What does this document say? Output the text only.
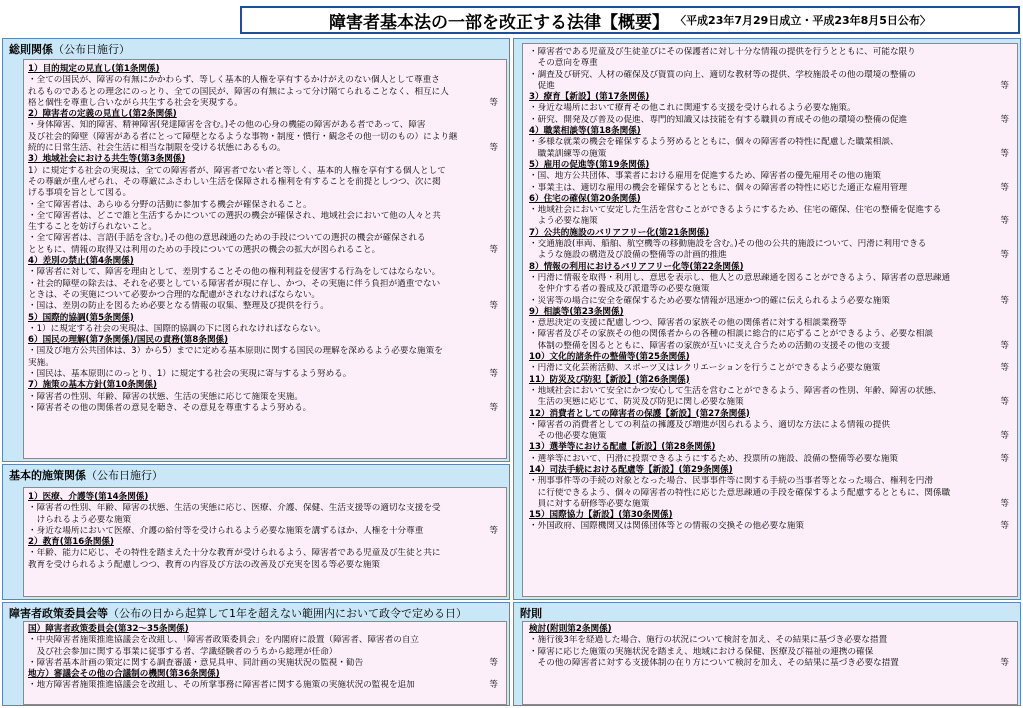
障害者基本法の一部を改正する法律【概要】 〈平成23年7月29日成立・平成23年8月5日公布〉
総則関係（公布日施行）
1）目的規定の見直し(第1条関係)
・全ての国民が、障害の有無にかかわらず、等しく基本的人権を享有するかけがえのない個人として尊重さ
れるものであるとの理念にのっとり、全ての国民が、障害の有無によって分け隔てられることなく、相互に人
格と個性を尊重し合いながら共生する社会を実現する。	等
2）障害者の定義の見直し(第2条関係)
・身体障害、知的障害、精神障害(発達障害を含む。)その他の心身の機能の障害がある者であって、障害
及び社会的障壁（障害がある者にとって障壁となるような事物・制度・慣行・観念その他一切のもの）により継
続的に日常生活、社会生活に相当な制限を受ける状態にあるもの。	等
3）地域社会における共生等(第3条関係)
1）に規定する社会の実現は、全ての障害者が、障害者でない者と等しく、基本的人権を享有する個人として
その尊厳が重んぜられ、その尊厳にふさわしい生活を保障される権利を有することを前提としつつ、次に掲
げる事項を旨として図る。
・全て障害者は、あらゆる分野の活動に参加する機会が確保されること。
・全て障害者は、どこで誰と生活するかについての選択の機会が確保され、地域社会において他の人々と共
生することを妨げられないこと。
・全て障害者は、言語(手話を含む。)その他の意思疎通のための手段についての選択の機会が確保される
とともに、情報の取得又は利用のための手段についての選択の機会の拡大が図られること。	等
4）差別の禁止(第4条関係)
・障害者に対して、障害を理由として、差別することその他の権利利益を侵害する行為をしてはならない。
・社会的障壁の除去は、それを必要としている障害者が現に存し、かつ、その実施に伴う負担が過重でない
ときは、その実施について必要かつ合理的な配慮がされなければならない。
・国は、差別の防止を図るため必要となる情報の収集、整理及び提供を行う。	等
5）国際的協調(第5条関係)
・1）に規定する社会の実現は、国際的協調の下に図られなければならない。
6）国民の理解(第7条関係)/国民の責務(第8条関係)
・国及び地方公共団体は、3）から5）までに定める基本原則に関する国民の理解を深めるよう必要な施策を
実施。
・国民は、基本原則にのっとり、1）に規定する社会の実現に寄与するよう努める。	等
7）施策の基本方針(第10条関係)
・障害者の性別、年齢、障害の状態、生活の実態に応じて施策を実施。
・障害者その他の関係者の意見を聴き、その意見を尊重するよう努める。	等
・障害者である児童及び生徒並びにその保護者に対し十分な情報の提供を行うとともに、可能な限り
　その意向を尊重
・調査及び研究、人材の確保及び資質の向上、適切な教材等の提供、学校施設その他の環境の整備の
　促進	等
3）療育【新設】(第17条関係)
・身近な場所において療育その他これに関連する支援を受けられるよう必要な施策。
・研究、開発及び普及の促進、専門的知識又は技能を有する職員の育成その他の環境の整備の促進	等
4）職業相談等(第18条関係)
・多様な就業の機会を確保するよう努めるとともに、個々の障害者の特性に配慮した職業相談、
　職業訓練等の施策	等
5）雇用の促進等(第19条関係)
・国、地方公共団体、事業者における雇用を促進するため、障害者の優先雇用その他の施策
・事業主は、適切な雇用の機会を確保するとともに、個々の障害者の特性に応じた適正な雇用管理	等
6）住宅の確保(第20条関係)
・地域社会において安定した生活を営むことができるようにするため、住宅の確保、住宅の整備を促進する
　よう必要な施策	等
7）公共的施設のバリアフリー化(第21条関係)
・交通施設(車両、船舶、航空機等の移動施設を含む。)その他の公共的施設について、円滑に利用できる
　ような施設の構造及び設備の整備等の計画的推進	等
8）情報の利用におけるバリアフリー化等(第22条関係)
・円滑に情報を取得・利用し、意思を表示し、他人との意思疎通を図ることができるよう、障害者の意思疎通
　を仲介する者の養成及び派遣等の必要な施策
・災害等の場合に安全を確保するため必要な情報が迅速かつ的確に伝えられるよう必要な施策	等
9）相談等(第23条関係)
・意思決定の支援に配慮しつつ、障害者の家族その他の関係者に対する相談業務等
・障害者及びその家族その他の関係者からの各種の相談に総合的に応ずることができるよう、必要な相談
　体制の整備を図るとともに、障害者の家族が互いに支え合うための活動の支援その他の支援	等
10）文化的諸条件の整備等(第25条関係)
・円滑に文化芸術活動、スポーツ又はレクリエーションを行うことができるよう必要な施策	等
11）防災及び防犯【新設】(第26条関係)
・地域社会において安全にかつ安心して生活を営むことができるよう、障害者の性別、年齢、障害の状態、
　生活の実態に応じて、防災及び防犯に関し必要な施策	等
12）消費者としての障害者の保護【新設】(第27条関係)
・障害者の消費者としての利益の擁護及び増進が図られるよう、適切な方法による情報の提供
　その他必要な施策	等
13）選挙等における配慮【新設】(第28条関係)
・選挙等において、円滑に投票できるようにするため、投票所の施設、設備の整備等必要な施策	等
14）司法手続における配慮等【新設】(第29条関係)
・刑事事件等の手続の対象となった場合、民事事件等に関する手続の当事者等となった場合、権利を円滑
　に行使できるよう、個々の障害者の特性に応じた意思疎通の手段を確保するよう配慮するとともに、関係職
　員に対する研修等必要な施策	等
15）国際協力【新設】(第30条関係)
・外国政府、国際機関又は関係団体等との情報の交換その他必要な施策	等
基本的施策関係（公布日施行）
1）医療、介護等(第14条関係)
・障害者の性別、年齢、障害の状態、生活の実態に応じ、医療、介護、保健、生活支援等の適切な支援を受
　けられるよう必要な施策
・身近な場所において医療、介護の給付等を受けられるよう必要な施策を講ずるほか、人権を十分尊重	等
2）教育(第16条関係)
・年齢、能力に応じ、その特性を踏まえた十分な教育が受けられるよう、障害者である児童及び生徒と共に
教育を受けられるよう配慮しつつ、教育の内容及び方法の改善及び充実を図る等必要な施策
障害者政策委員会等（公布の日から起算して1年を超えない範囲内において政令で定める日）
国）障害者政策委員会(第32～35条関係)
・中央障害者施策推進協議会を改組し、「障害者政策委員会」を内閣府に設置（障害者、障害者の自立
　及び社会参加に関する事業に従事する者、学識経験者のうちから総理が任命）
・障害者基本計画の策定に関する調査審議・意見具申、同計画の実施状況の監視・勧告	等
地方）審議会その他の合議制の機関(第36条関係)
・地方障害者施策推進協議会を改組し、その所掌事務に障害者に関する施策の実施状況の監視を追加	等
附則
検討(附則第2条関係)
・施行後3年を経過した場合、施行の状況について検討を加え、その結果に基づき必要な措置
・障害に応じた施策の実施状況を踏まえ、地域における保健、医療及び福祉の連携の確保
　その他の障害者に対する支援体制の在り方について検討を加え、その結果に基づき必要な措置	等
